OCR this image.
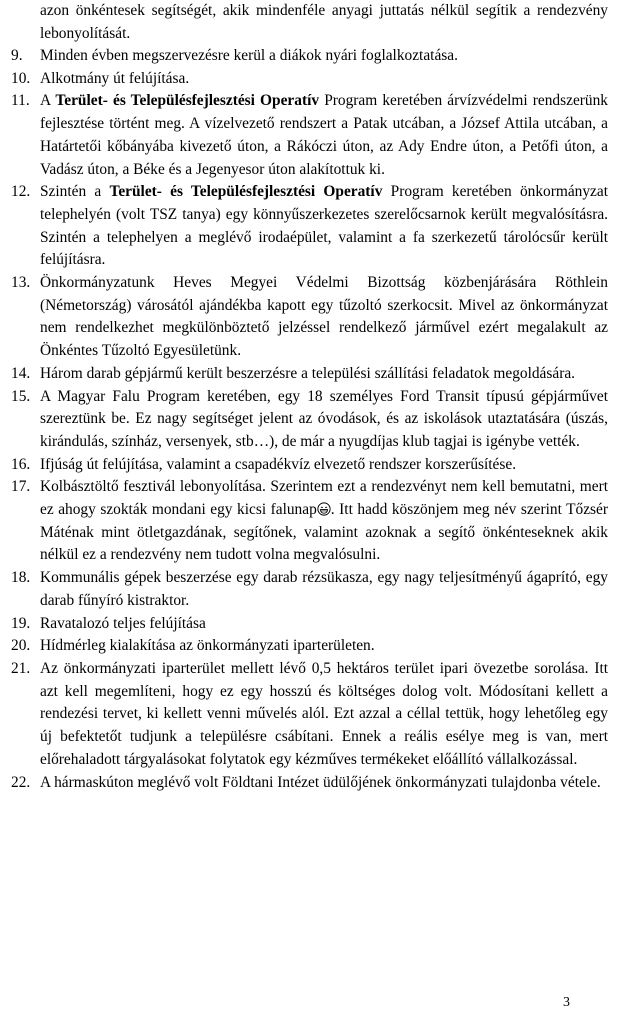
azon önkéntesek segítségét, akik mindenféle anyagi juttatás nélkül segítik a rendezvény lebonyolítását.
9. Minden évben megszervezésre kerül a diákok nyári foglalkoztatása.
10. Alkotmány út felújítása.
11. A Terület- és Településfejlesztési Operatív Program keretében árvízvédelmi rendszerünk fejlesztése történt meg. A vízelvezető rendszert a Patak utcában, a József Attila utcában, a Határtetői kőbányába kivezető úton, a Rákóczi úton, az Ady Endre úton, a Petőfi úton, a Vadász úton, a Béke és a Jegenyesor úton alakítottuk ki.
12. Szintén a Terület- és Településfejlesztési Operatív Program keretében önkormányzat telephelyén (volt TSZ tanya) egy könnyűszerkezetes szerelőcsarnok került megvalósításra. Szintén a telephelyen a meglévő irodaépület, valamint a fa szerkezetű tárolócsűr került felújításra.
13. Önkormányzatunk Heves Megyei Védelmi Bizottság közbenjárására Röthlein (Németország) városától ajándékba kapott egy tűzoltó szerkocsit. Mivel az önkormányzat nem rendelkezhet megkülönböztető jelzéssel rendelkező járművel ezért megalakult az Önkéntes Tűzoltó Egyesületünk.
14. Három darab gépjármű került beszerzésre a települési szállítási feladatok megoldására.
15. A Magyar Falu Program keretében, egy 18 személyes Ford Transit típusú gépjárművet szereztünk be. Ez nagy segítséget jelent az óvodások, és az iskolások utaztatására (úszás, kirándulás, színház, versenyek, stb…), de már a nyugdíjas klub tagjai is igénybe vették.
16. Ifjúság út felújítása, valamint a csapadékvíz elvezető rendszer korszerűsítése.
17. Kolbásztöltő fesztivál lebonyolítása. Szerintem ezt a rendezvényt nem kell bemutatni, mert ez ahogy szokták mondani egy kicsi falunap . Itt hadd köszönjem meg név szerint Tőzsér Máténak mint ötletgazdának, segítőnek, valamint azoknak a segítő önkénteseknek akik nélkül ez a rendezvény nem tudott volna megvalósulni.
18. Kommunális gépek beszerzése egy darab rézsükasza, egy nagy teljesítményű ágaprító, egy darab fűnyíró kistraktor.
19. Ravatalozó teljes felújítása
20. Hídmérleg kialakítása az önkormányzati iparterületen.
21. Az önkormányzati iparterület mellett lévő 0,5 hektáros terület ipari övezetbe sorolása. Itt azt kell megemlíteni, hogy ez egy hosszú és költséges dolog volt. Módosítani kellett a rendezési tervet, ki kellett venni művelés alól. Ezt azzal a céllal tettük, hogy lehetőleg egy új befektetőt tudjunk a településre csábítani. Ennek a reális esélye meg is van, mert előrehaladott tárgyalásokat folytatok egy kézműves termékeket előállító vállalkozással.
22. A hármaskúton meglévő volt Földtani Intézet üdülőjének önkormányzati tulajdonba vétele.
3
